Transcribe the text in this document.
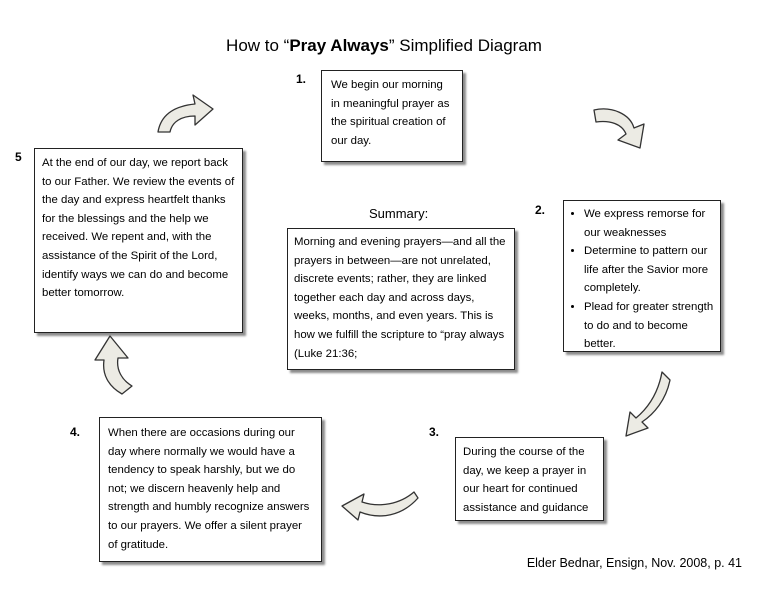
How to “Pray Always” Simplified Diagram
1. We begin our morning in meaningful prayer as the spiritual creation of our day.
2.
•	We express remorse for our weaknesses
• Determine to pattern our life after the Savior more completely.
• Plead for greater strength to do and to become better.
3.
During the course of the day, we keep a prayer in our heart for continued assistance and guidance
4. When there are occasions during our day where normally we would have a tendency to speak harshly, but we do not; we discern heavenly help and strength and humbly recognize answers to our prayers. We offer a silent prayer of gratitude.
5 At the end of our day, we report back to our Father. We review the events of the day and express heartfelt thanks for the blessings and the help we received. We repent and, with the assistance of the Spirit of the Lord, identify ways we can do and become better tomorrow.
Summary:
Morning and evening prayers—and all the prayers in between—are not unrelated, discrete events; rather, they are linked together each day and across days, weeks, months, and even years. This is how we fulfill the scripture to “pray always (Luke 21:36;
Elder Bednar, Ensign, Nov. 2008, p. 41
